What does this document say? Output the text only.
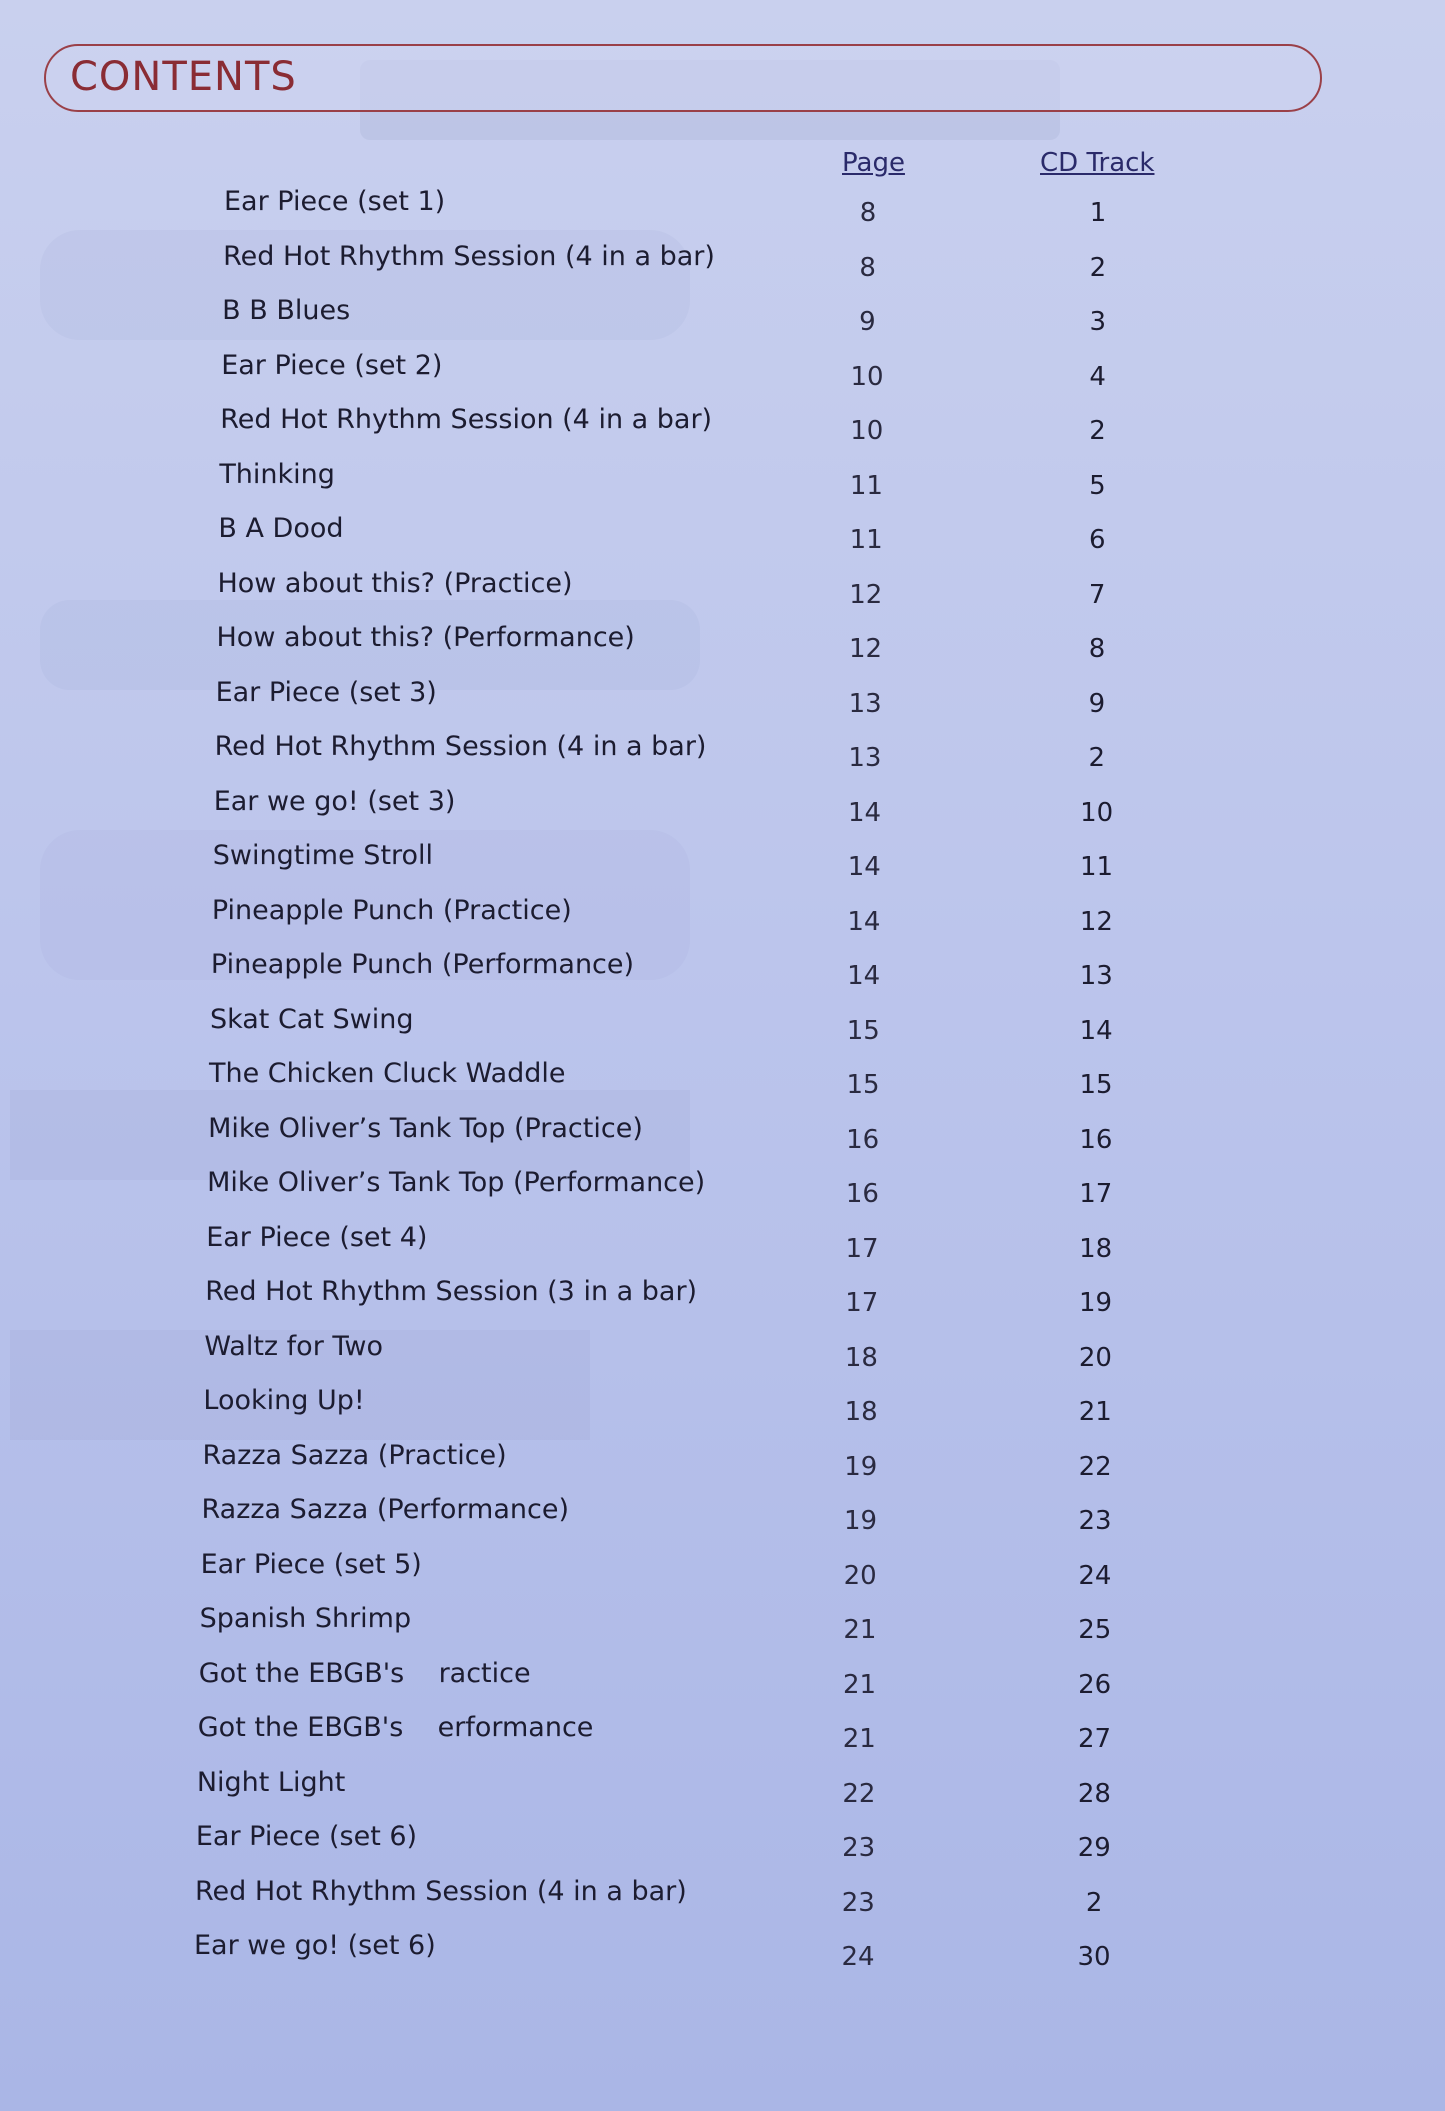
CONTENTS
Page	CD Track
Ear Piece (set 1)	8	1
Red Hot Rhythm Session (4 in a bar)	8	2
B B Blues	9	3
Ear Piece (set 2)	10	4
Red Hot Rhythm Session (4 in a bar)	10	2
Thinking	11	5
B A Dood	11	6
How about this? (Practice)	12	7
How about this? (Performance)	12	8
Ear Piece (set 3)	13	9
Red Hot Rhythm Session (4 in a bar)	13	2
Ear we go! (set 3)	14	10
Swingtime Stroll	14	11
Pineapple Punch (Practice)	14	12
Pineapple Punch (Performance)	14	13
Skat Cat Swing	15	14
The Chicken Cluck Waddle	15	15
Mike Oliver’s Tank Top (Practice)	16	16
Mike Oliver’s Tank Top (Performance)	16	17
Ear Piece (set 4)	17	18
Red Hot Rhythm Session (3 in a bar)	17	19
Waltz for Two	18	20
Looking Up!	18	21
Razza Sazza (Practice)	19	22
Razza Sazza (Performance)	19	23
Ear Piece (set 5)	20	24
Spanish Shrimp	21	25
Got the EBGB's    ractice	21	26
Got the EBGB's    erformance	21	27
Night Light	22	28
Ear Piece (set 6)	23	29
Red Hot Rhythm Session (4 in a bar)	23	2
Ear we go! (set 6)	24	30
